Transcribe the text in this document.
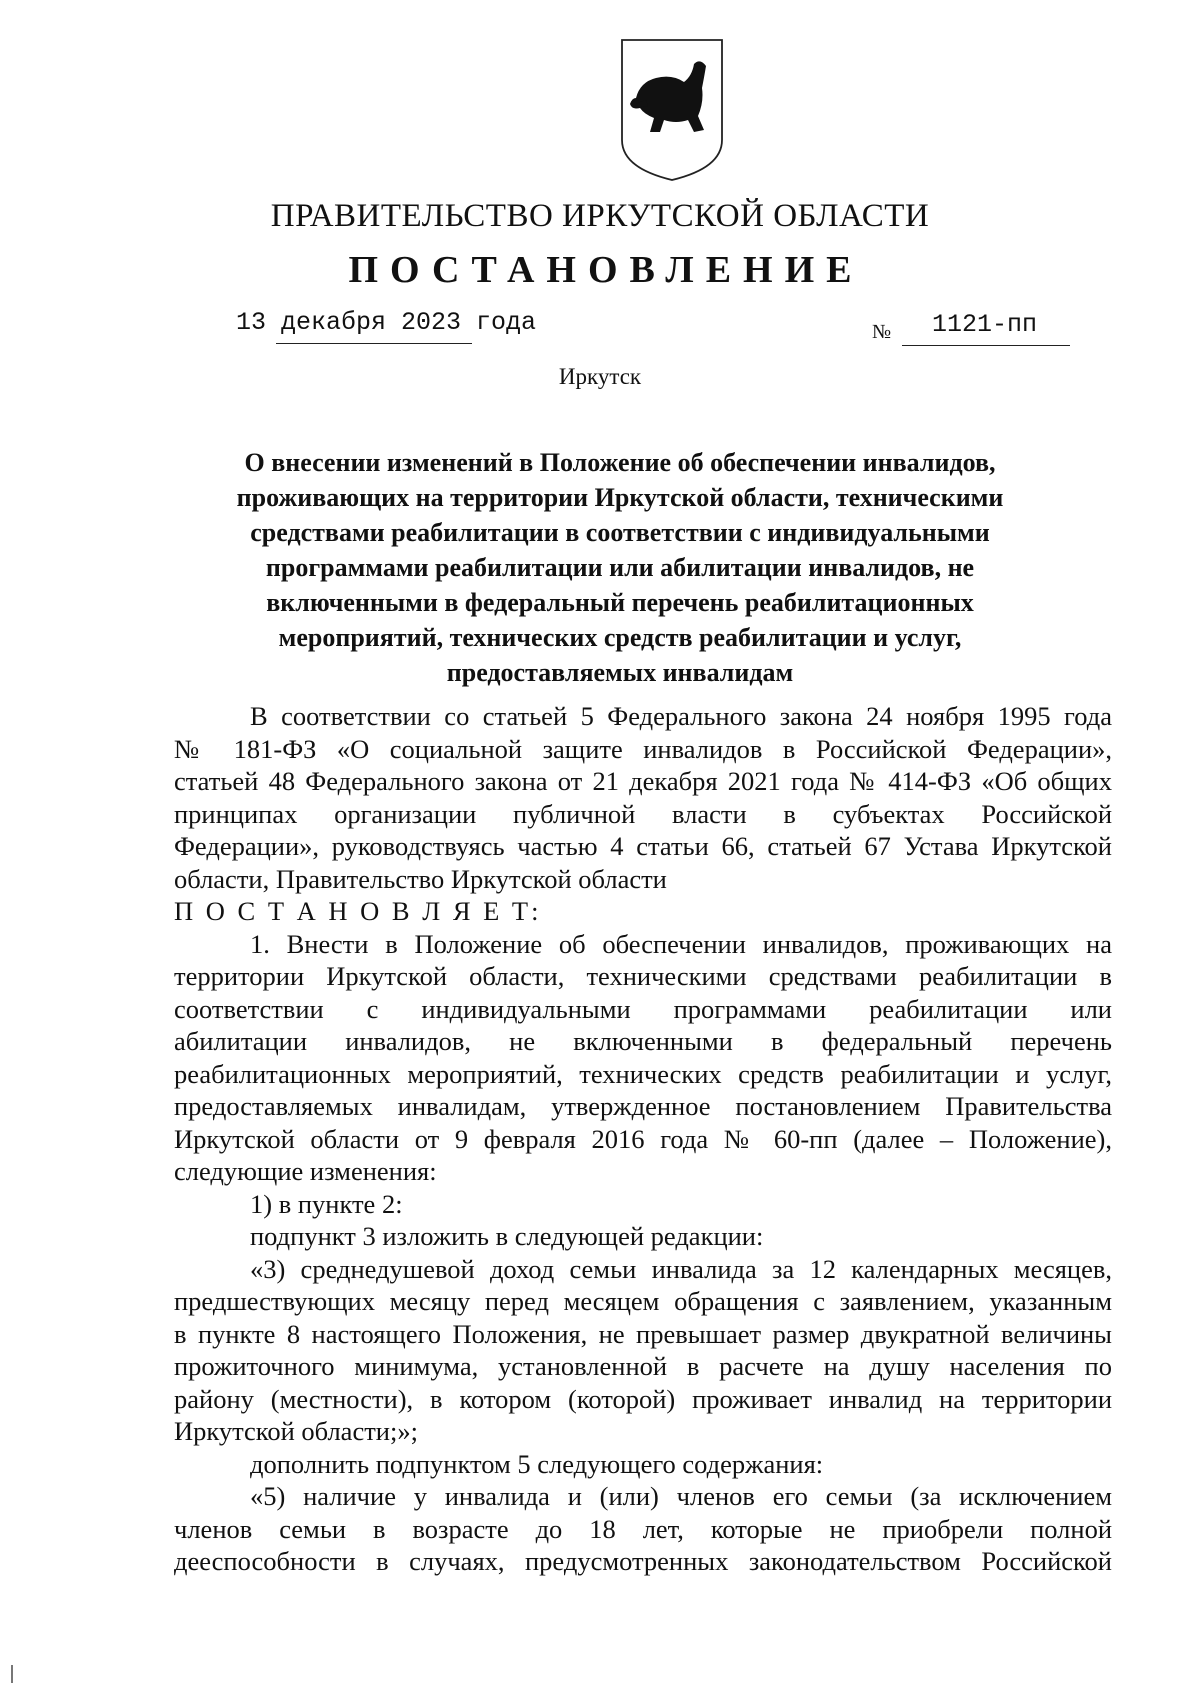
ПРАВИТЕЛЬСТВО ИРКУТСКОЙ ОБЛАСТИ
ПОСТАНОВЛЕНИЕ
13 декабря 2023 года	№ 1121-пп
Иркутск
О внесении изменений в Положение об обеспечении инвалидов,
проживающих на территории Иркутской области, техническими
средствами реабилитации в соответствии с индивидуальными
программами реабилитации или абилитации инвалидов, не
включенными в федеральный перечень реабилитационных
мероприятий, технических средств реабилитации и услуг,
предоставляемых инвалидам
В соответствии со статьей 5 Федерального закона 24 ноября 1995 года
№ 181-ФЗ «О социальной защите инвалидов в Российской Федерации»,
статьей 48 Федерального закона от 21 декабря 2021 года № 414-ФЗ «Об общих
принципах организации публичной власти в субъектах Российской
Федерации», руководствуясь частью 4 статьи 66, статьей 67 Устава Иркутской
области, Правительство Иркутской области
П О С Т А Н О В Л Я Е Т:
1. Внести в Положение об обеспечении инвалидов, проживающих на
территории Иркутской области, техническими средствами реабилитации в
соответствии с индивидуальными программами реабилитации или
абилитации инвалидов, не включенными в федеральный перечень
реабилитационных мероприятий, технических средств реабилитации и услуг,
предоставляемых инвалидам, утвержденное постановлением Правительства
Иркутской области от 9 февраля 2016 года № 60-пп (далее – Положение),
следующие изменения:
1) в пункте 2:
подпункт 3 изложить в следующей редакции:
«3) среднедушевой доход семьи инвалида за 12 календарных месяцев,
предшествующих месяцу перед месяцем обращения с заявлением, указанным
в пункте 8 настоящего Положения, не превышает размер двукратной величины
прожиточного минимума, установленной в расчете на душу населения по
району (местности), в котором (которой) проживает инвалид на территории
Иркутской области;»;
дополнить подпунктом 5 следующего содержания:
«5) наличие у инвалида и (или) членов его семьи (за исключением
членов семьи в возрасте до 18 лет, которые не приобрели полной
дееспособности в случаях, предусмотренных законодательством Российской
